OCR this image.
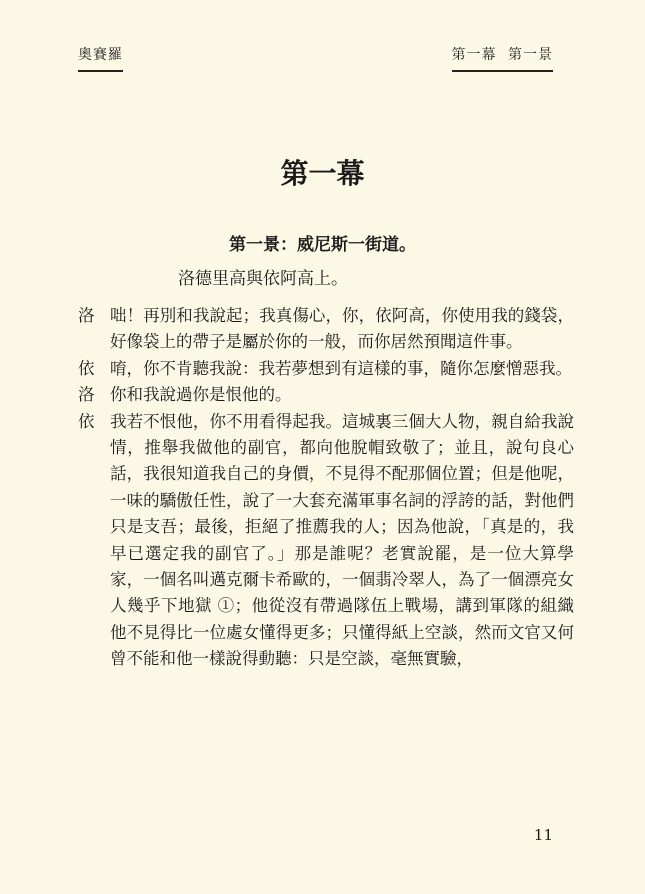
奧賽羅	第一幕 第一景
第一幕
第一景：威尼斯一街道。
洛德里高與依阿高上。
洛 咄！再別和我說起；我真傷心，你，依阿高，你使用我的錢袋，好像袋上的帶子是屬於你的一般，而你居然預聞這件事。
依 唷，你不肯聽我說：我若夢想到有這樣的事，隨你怎麼憎惡我。
洛 你和我說過你是恨他的。
依 我若不恨他，你不用看得起我。這城裏三個大人物，親自給我說情，推舉我做他的副官，都向他脫帽致敬了；並且，說句良心話，我很知道我自己的身價，不見得不配那個位置；但是他呢，一味的驕傲任性，說了一大套充滿軍事名詞的浮誇的話，對他們只是支吾；最後，拒絕了推薦我的人；因為他說，「真是的，我早已選定我的副官了。」那是誰呢？老實說罷，是一位大算學家，一個名叫邁克爾卡希歐的，一個翡冷翠人，為了一個漂亮女人幾乎下地獄 ①；他從沒有帶過隊伍上戰場，講到軍隊的組織他不見得比一位處女懂得更多；只懂得紙上空談，然而文官又何曾不能和他一樣說得動聽：只是空談，毫無實驗，
11
